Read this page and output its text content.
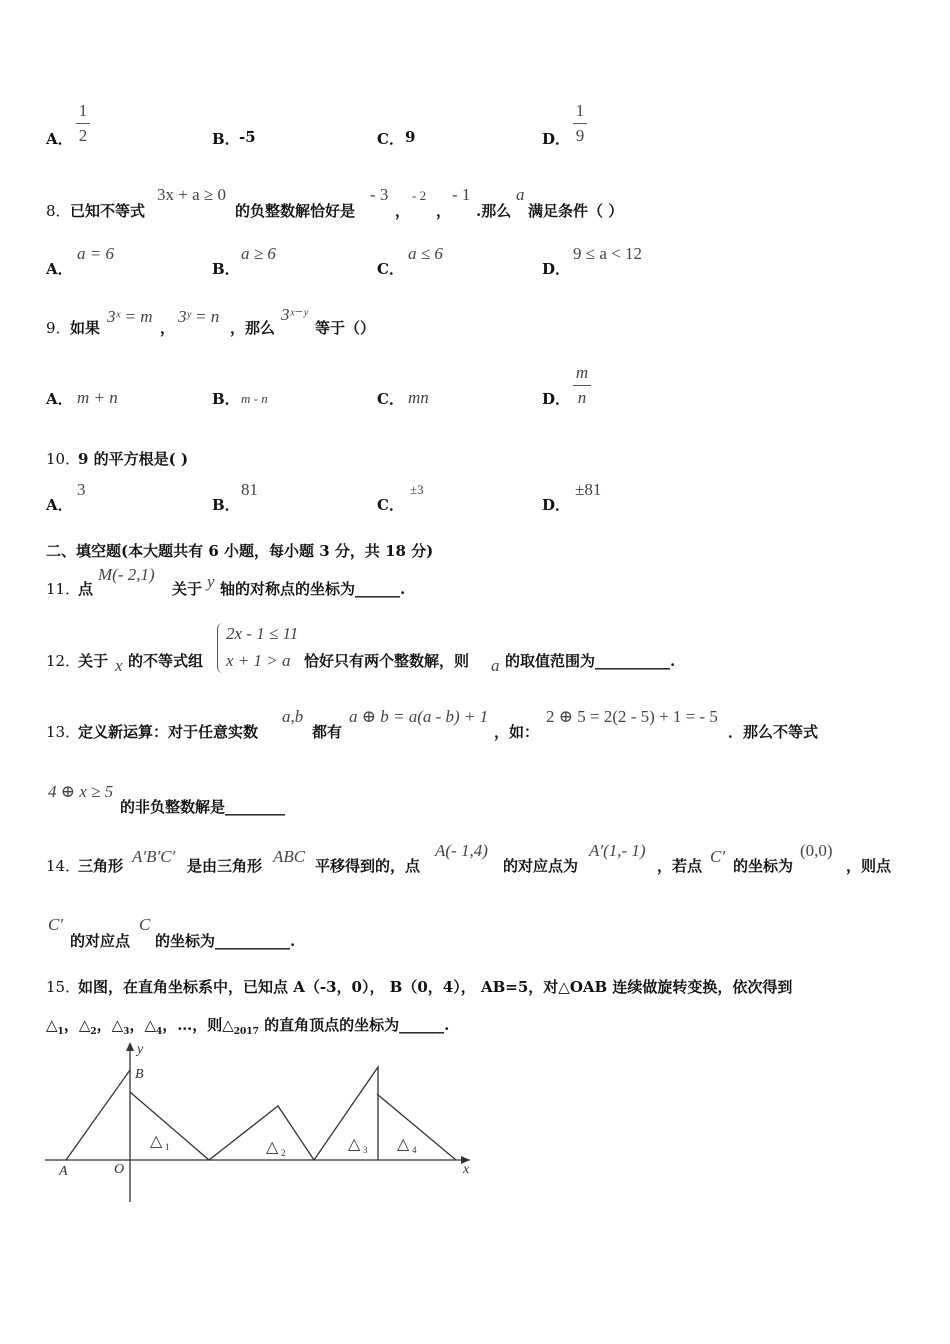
A．
1
2	B． -5	C． 9	D．
1
9
8． 已知不等式
3x + a ≥ 0
的负整数解恰好是
- 3
，
- 2
，
- 1
.那么
a
满足条件（ ）
A．
a = 6
B．
a ≥ 6
C．
a ≤ 6
D．
9 ≤ a < 12
9． 如果
3ˣ = m
，
3ʸ = n
，那么
3ˣ⁻ʸ
等于（）
A． m + n	B． m - n	C． mn	D．
m
n
10．
9 的平方根是( )
A．
3
B．
81
C．
±3
D．
±81
二、填空题(本大题共有 6 小题，每小题 3 分，共 18 分)
11．
点
M(- 2,1)
关于 y 轴的对称点的坐标为______.
12．
关于 x 的不等式组
2x - 1 ≤ 11
x + 1 > a 恰好只有两个整数解，则 a 的取值范围为__________.
13．
定义新运算：对于任意实数
a,b
都有
a ⊕ b = a(a - b) + 1
，如：
2 ⊕ 5 = 2(2 - 5) + 1 = - 5
．那么不等式
4 ⊕ x ≥ 5
的非负整数解是________
14．
三角形 A′B′C′ 是由三角形 ABC 平移得到的，点
A(- 1,4)
的对应点为
A′(1,- 1)
，若点 C′ 的坐标为
(0,0)
，则点
C′
的对应点
C
的坐标为__________.
15．
如图，在直角坐标系中，已知点 A（-3，0）， B（0，4）， AB=5，对△OAB 连续做旋转变换，依次得到
$\triangle_1$，$\triangle_2$，$\triangle_3$，$\triangle_4$，…，则$\triangle_{2017}$ 的直角顶点的坐标为______.
y
x
A	O
B
△ 1	△ 2	△ 3 △ 4
